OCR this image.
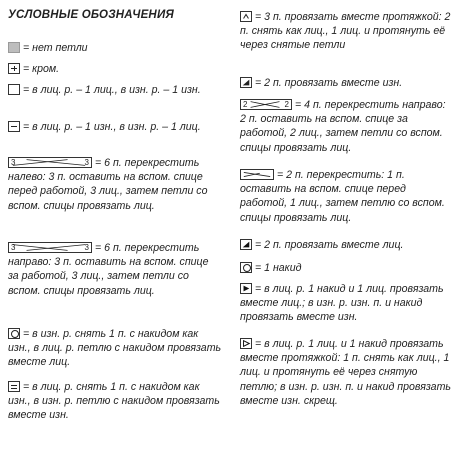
УСЛОВНЫЕ ОБОЗНАЧЕНИЯ
= нет петли
= кром.
= в лиц. р. – 1 лиц., в изн. р. – 1 изн.
= в лиц. р. – 1 изн., в изн. р. – 1 лиц.
3	3 = 6 п. перекрестить налево: 3 п. оставить на вспом. спице перед работой, 3 лиц., затем петли со вспом. спицы провязать лиц.
3	3 = 6 п. перекрестить направо: 3 п. оставить на вспом. спице за работой, 3 лиц., затем петли со вспом. спицы провязать лиц.
= в изн. р. снять 1 п. с накидом как изн., в лиц. р. петлю с накидом провязать вместе лиц.
= в лиц. р. снять 1 п. с накидом как изн., в изн. р. петлю с накидом провязать вместе изн.
= 3 п. провязать вместе протяжкой: 2 п. снять как лиц., 1 лиц. и протянуть её через снятые петли
= 2 п. провязать вместе изн.
2	2 = 4 п. перекрестить направо: 2 п. оставить на вспом. спице за работой, 2 лиц., затем петли со вспом. спицы провязать лиц.
= 2 п. перекрестить: 1 п. оставить на вспом. спице перед работой, 1 лиц., затем петлю со вспом. спицы провязать лиц.
= 2 п. провязать вместе лиц.
= 1 накид
= в лиц. р. 1 накид и 1 лиц. провязать вместе лиц.; в изн. р. изн. п. и накид провязать вместе изн.
= в лиц. р. 1 лиц. и 1 накид провязать вместе протяжкой: 1 п. снять как лиц., 1 лиц. и протянуть её через снятую петлю; в изн. р. изн. п. и накид провязать вместе изн. скрещ.
